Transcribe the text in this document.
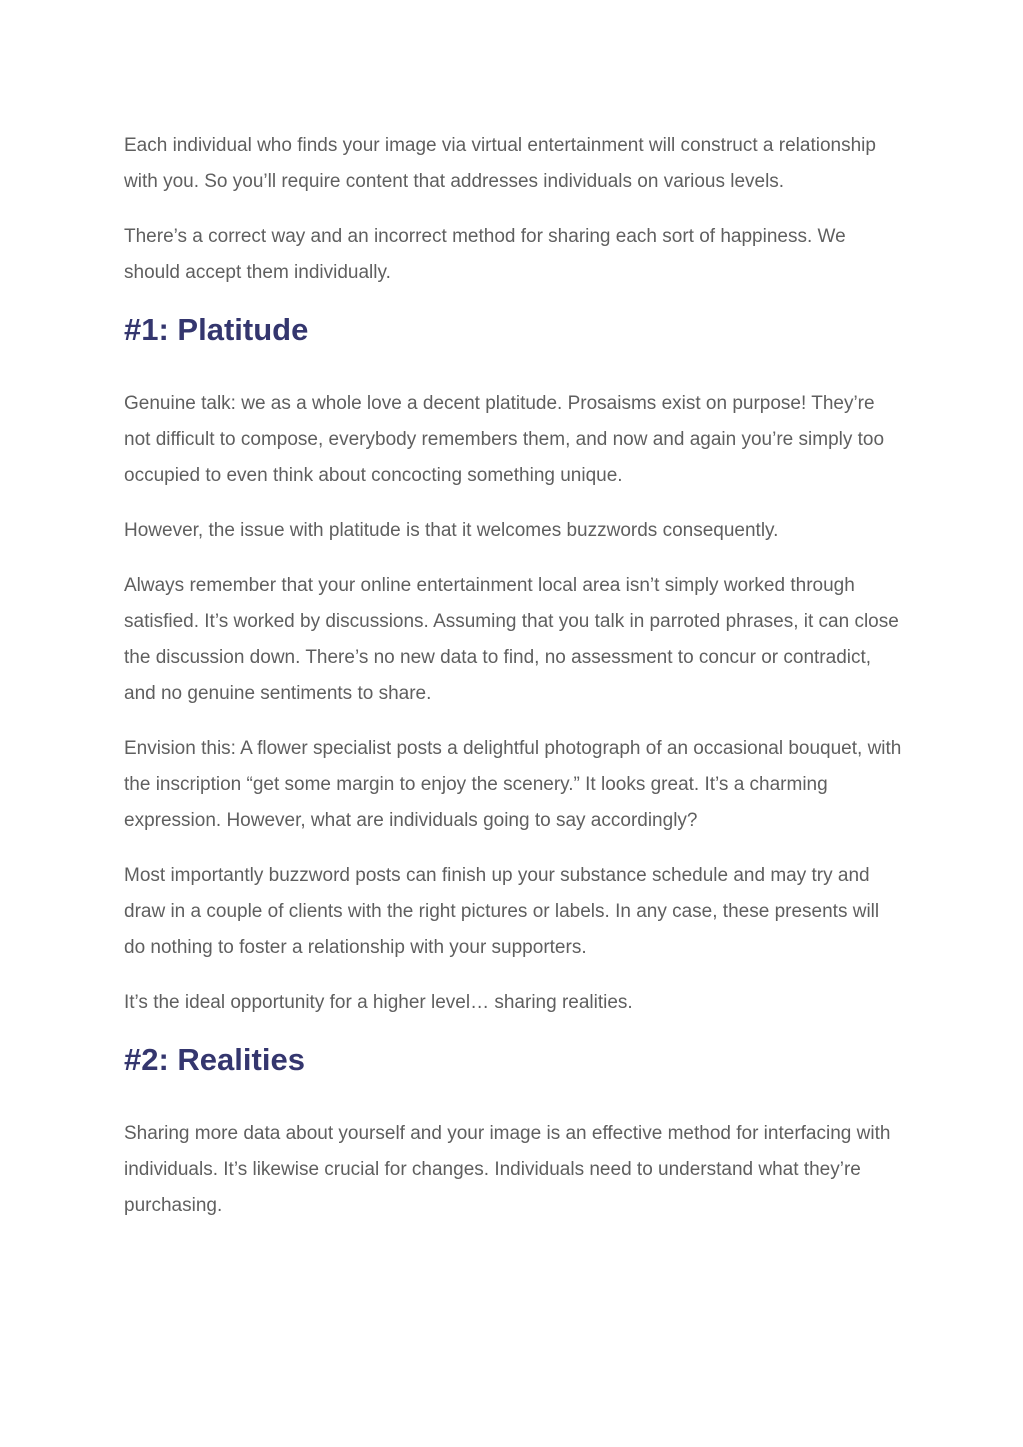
Each individual who finds your image via virtual entertainment will construct a relationship with you. So you’ll require content that addresses individuals on various levels.

There’s a correct way and an incorrect method for sharing each sort of happiness. We should accept them individually.

#1: Platitude

Genuine talk: we as a whole love a decent platitude. Prosaisms exist on purpose! They’re not difficult to compose, everybody remembers them, and now and again you’re simply too occupied to even think about concocting something unique.

However, the issue with platitude is that it welcomes buzzwords consequently.

Always remember that your online entertainment local area isn’t simply worked through satisfied. It’s worked by discussions. Assuming that you talk in parroted phrases, it can close the discussion down. There’s no new data to find, no assessment to concur or contradict, and no genuine sentiments to share.

Envision this: A flower specialist posts a delightful photograph of an occasional bouquet, with the inscription “get some margin to enjoy the scenery.” It looks great. It’s a charming expression. However, what are individuals going to say accordingly?

Most importantly buzzword posts can finish up your substance schedule and may try and draw in a couple of clients with the right pictures or labels. In any case, these presents will do nothing to foster a relationship with your supporters.

It’s the ideal opportunity for a higher level… sharing realities.

#2: Realities

Sharing more data about yourself and your image is an effective method for interfacing with individuals. It’s likewise crucial for changes. Individuals need to understand what they’re purchasing.
